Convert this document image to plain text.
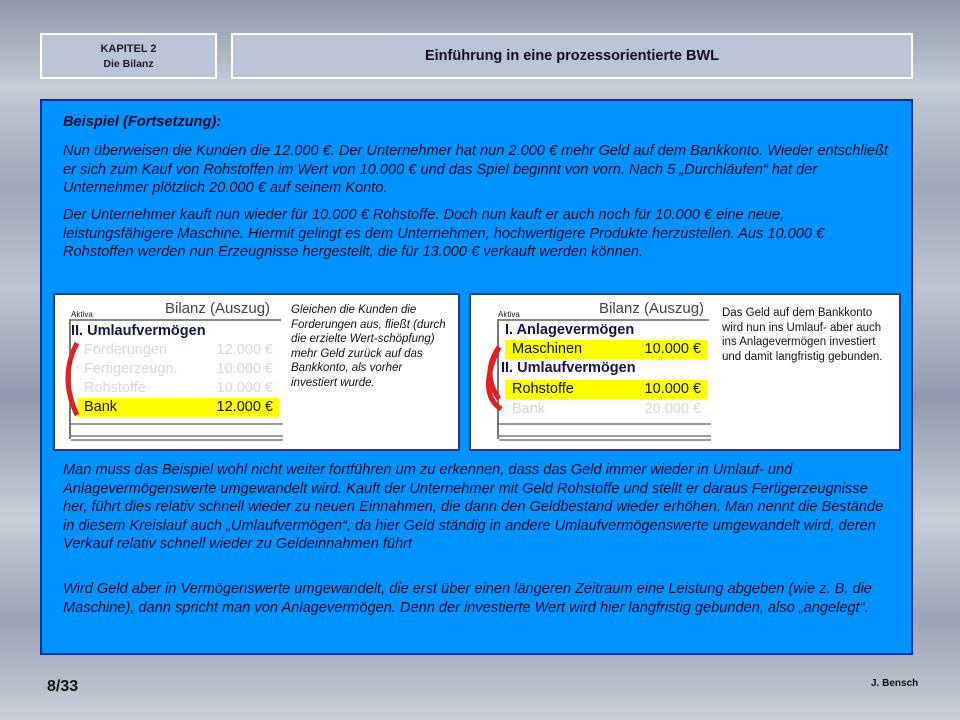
KAPITEL 2
Die Bilanz	Einführung in eine prozessorientierte BWL

Beispiel (Fortsetzung):

Nun überweisen die Kunden die 12.000 €. Der Unternehmer hat nun 2.000 € mehr Geld auf dem Bankkonto. Wieder entschließt er sich zum Kauf von Rohstoffen im Wert von 10.000 € und das Spiel beginnt von vorn. Nach 5 „Durchläufen“ hat der Unternehmer plötzlich 20.000 € auf seinem Konto.

Der Unternehmer kauft nun wieder für 10.000 € Rohstoffe. Doch nun kauft er auch noch für 10.000 € eine neue, leistungsfähigere Maschine. Hiermit gelingt es dem Unternehmen, hochwertigere Produkte herzustellen. Aus 10.000 € Rohstoffen werden nun Erzeugnisse hergestellt, die für 13.000 € verkauft werden können.

Aktiva	Bilanz (Auszug)
II. Umlaufvermögen
Forderungen	12.000 €
Fertigerzeugn.	10.000 €
Rohstoffe	10.000 €
Bank	12.000 €
Gleichen die Kunden die Forderungen aus, fließt (durch die erzielte Wert-schöpfung) mehr Geld zurück auf das Bankkonto, als vorher investiert wurde.
Aktiva	Bilanz (Auszug)
I. Anlagevermögen
Maschinen	10.000 €
II. Umlaufvermögen
Rohstoffe	10.000 €
Bank	20.000 €
Das Geld auf dem Bankkonto wird nun ins Umlauf- aber auch ins Anlagevermögen investiert und damit langfristig gebunden.

Man muss das Beispiel wohl nicht weiter fortführen um zu erkennen, dass das Geld immer wieder in Umlauf- und Anlagevermögenswerte umgewandelt wird. Kauft der Unternehmer mit Geld Rohstoffe und stellt er daraus Fertigerzeugnisse her, führt dies relativ schnell wieder zu neuen Einnahmen, die dann den Geldbestand wieder erhöhen. Man nennt die Bestände in diesem Kreislauf auch „Umlaufvermögen“, da hier Geld ständig in andere Umlaufvermögenswerte umgewandelt wird, deren Verkauf relativ schnell wieder zu Geldeinnahmen führt

Wird Geld aber in Vermögenswerte umgewandelt, die erst über einen längeren Zeitraum eine Leistung abgeben (wie z. B. die Maschine), dann spricht man von Anlagevermögen. Denn der investierte Wert wird hier langfristig gebunden, also „angelegt“.

8/33	J. Bensch
